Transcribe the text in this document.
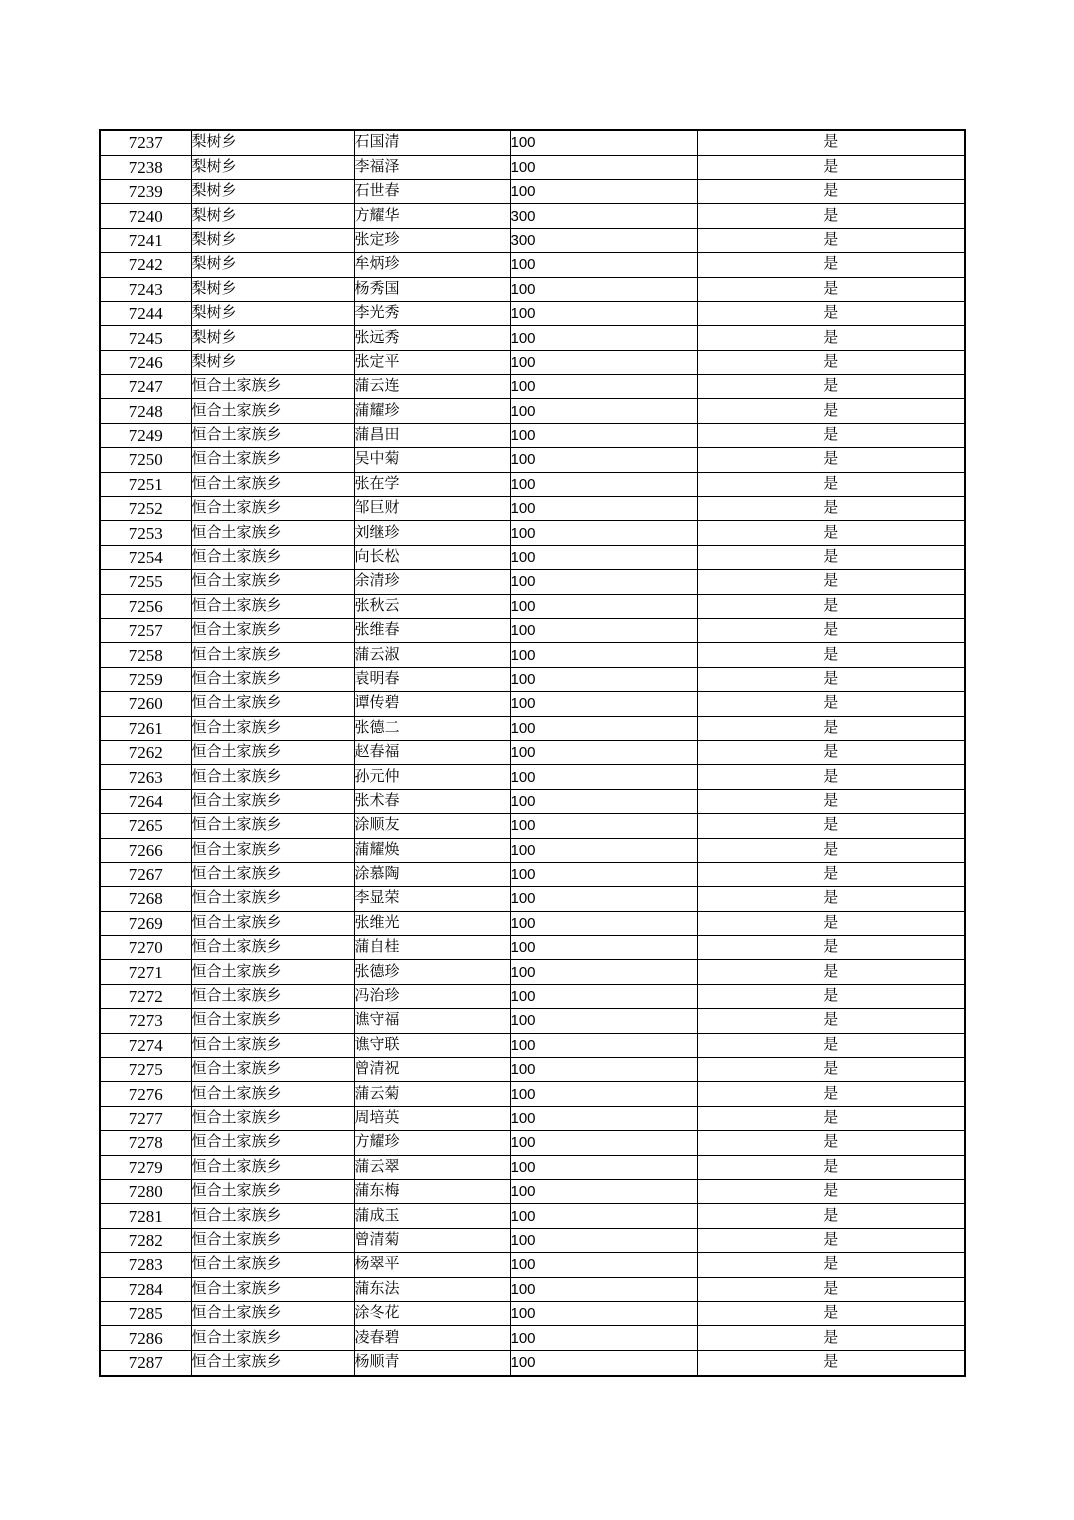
7237	梨树乡	石国清	100	是
7238	梨树乡	李福泽	100	是
7239	梨树乡	石世春	100	是
7240	梨树乡	方耀华	300	是
7241	梨树乡	张定珍	300	是
7242	梨树乡	牟炳珍	100	是
7243	梨树乡	杨秀国	100	是
7244	梨树乡	李光秀	100	是
7245	梨树乡	张远秀	100	是
7246	梨树乡	张定平	100	是
7247	恒合土家族乡	蒲云连	100	是
7248	恒合土家族乡	蒲耀珍	100	是
7249	恒合土家族乡	蒲昌田	100	是
7250	恒合土家族乡	吴中菊	100	是
7251	恒合土家族乡	张在学	100	是
7252	恒合土家族乡	邹巨财	100	是
7253	恒合土家族乡	刘继珍	100	是
7254	恒合土家族乡	向长松	100	是
7255	恒合土家族乡	余清珍	100	是
7256	恒合土家族乡	张秋云	100	是
7257	恒合土家族乡	张维春	100	是
7258	恒合土家族乡	蒲云淑	100	是
7259	恒合土家族乡	袁明春	100	是
7260	恒合土家族乡	谭传碧	100	是
7261	恒合土家族乡	张德二	100	是
7262	恒合土家族乡	赵春福	100	是
7263	恒合土家族乡	孙元仲	100	是
7264	恒合土家族乡	张术春	100	是
7265	恒合土家族乡	涂顺友	100	是
7266	恒合土家族乡	蒲耀焕	100	是
7267	恒合土家族乡	涂慕陶	100	是
7268	恒合土家族乡	李显荣	100	是
7269	恒合土家族乡	张维光	100	是
7270	恒合土家族乡	蒲自桂	100	是
7271	恒合土家族乡	张德珍	100	是
7272	恒合土家族乡	冯治珍	100	是
7273	恒合土家族乡	谯守福	100	是
7274	恒合土家族乡	谯守联	100	是
7275	恒合土家族乡	曾清祝	100	是
7276	恒合土家族乡	蒲云菊	100	是
7277	恒合土家族乡	周培英	100	是
7278	恒合土家族乡	方耀珍	100	是
7279	恒合土家族乡	蒲云翠	100	是
7280	恒合土家族乡	蒲东梅	100	是
7281	恒合土家族乡	蒲成玉	100	是
7282	恒合土家族乡	曾清菊	100	是
7283	恒合土家族乡	杨翠平	100	是
7284	恒合土家族乡	蒲东法	100	是
7285	恒合土家族乡	涂冬花	100	是
7286	恒合土家族乡	凌春碧	100	是
7287	恒合土家族乡	杨顺青	100	是
